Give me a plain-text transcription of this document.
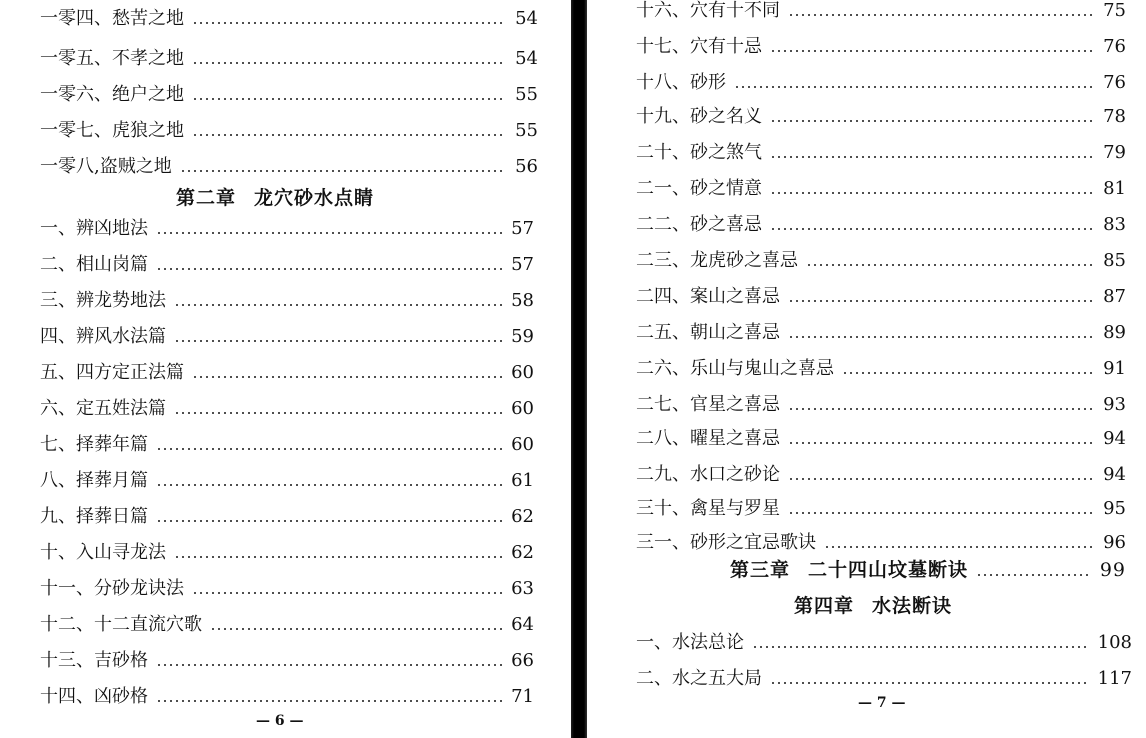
一零四、愁苦之地	54
一零五、不孝之地	54
一零六、绝户之地	55
一零七、虎狼之地	55
一零八,盗贼之地	56
第二章 龙穴砂水点睛
一、辨凶地法	57
二、相山岗篇	57
三、辨龙势地法	58
四、辨风水法篇	59
五、四方定正法篇	60
六、定五姓法篇	60
七、择葬年篇	60
八、择葬月篇	61
九、择葬日篇	62
十、入山寻龙法	62
十一、分砂龙诀法	63
十二、十二直流穴歌	64
十三、吉砂格	66
十四、凶砂格	71
— 6 —
十六、穴有十不同	75
十七、穴有十忌	76
十八、砂形	76
十九、砂之名义	78
二十、砂之煞气	79
二一、砂之情意	81
二二、砂之喜忌	83
二三、龙虎砂之喜忌	85
二四、案山之喜忌	87
二五、朝山之喜忌	89
二六、乐山与鬼山之喜忌	91
二七、官星之喜忌	93
二八、曜星之喜忌	94
二九、水口之砂论	94
三十、禽星与罗星	95
三一、砂形之宜忌歌诀	96
第三章 二十四山坟墓断诀	99
第四章 水法断诀
一、水法总论	108
二、水之五大局	117
— 7 —
